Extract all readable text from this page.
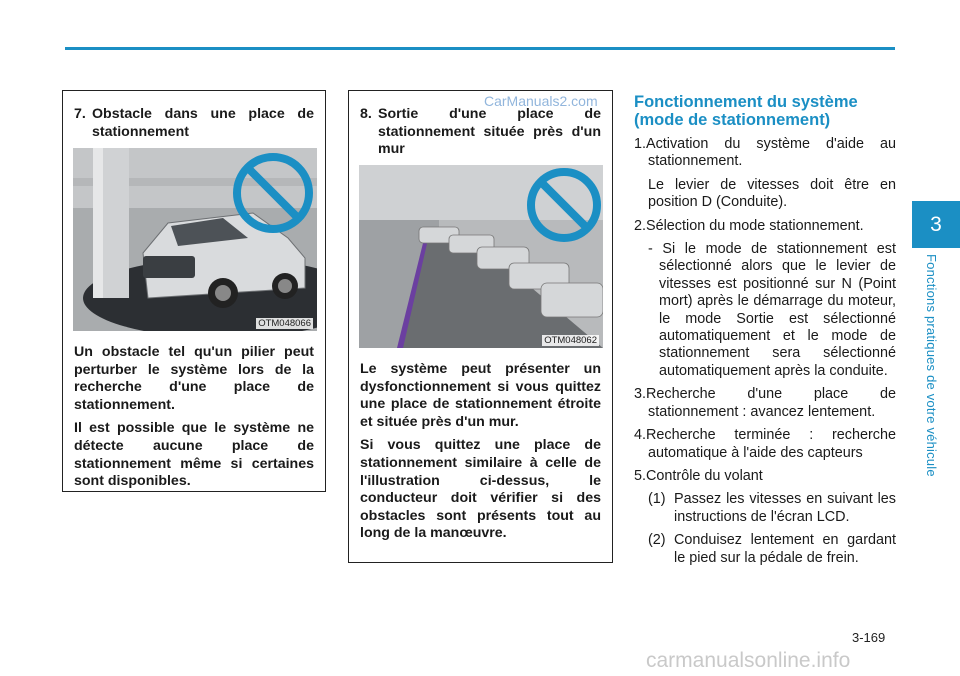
7. Obstacle dans une place de stationnement
OTM048066

Un obstacle tel qu'un pilier peut perturber le système lors de la recherche d'une place de stationnement.

Il est possible que le système ne détecte aucune place de stationnement même si certaines sont disponibles.

8. Sortie d'une place de stationnement située près d'un mur
OTM048062

Le système peut présenter un dysfonctionnement si vous quittez une place de stationnement étroite et située près d'un mur.

Si vous quittez une place de stationnement similaire à celle de l'illustration ci-dessus, le conducteur doit vérifier si des obstacles sont présents tout au long de la manœuvre.

Fonctionnement du système
(mode de stationnement)
1.Activation du système d'aide au stationnement.
Le levier de vitesses doit être en position D (Conduite).
2.Sélection du mode stationnement.
- Si le mode de stationnement est sélectionné alors que le levier de vitesses est positionné sur N (Point mort) après le démarrage du moteur, le mode Sortie est sélectionné automatiquement et le mode de stationnement sera sélectionné automatiquement après la conduite.
3.Recherche d'une place de stationnement : avancez lentement.
4.Recherche terminée : recherche automatique à l'aide des capteurs
5.Contrôle du volant
(1) Passez les vitesses en suivant les instructions de l'écran LCD.
(2) Conduisez lentement en gardant le pied sur la pédale de frein.
3
Fonctions pratiques de votre véhicule
3-169
CarManuals2.com
carmanualsonline.info
